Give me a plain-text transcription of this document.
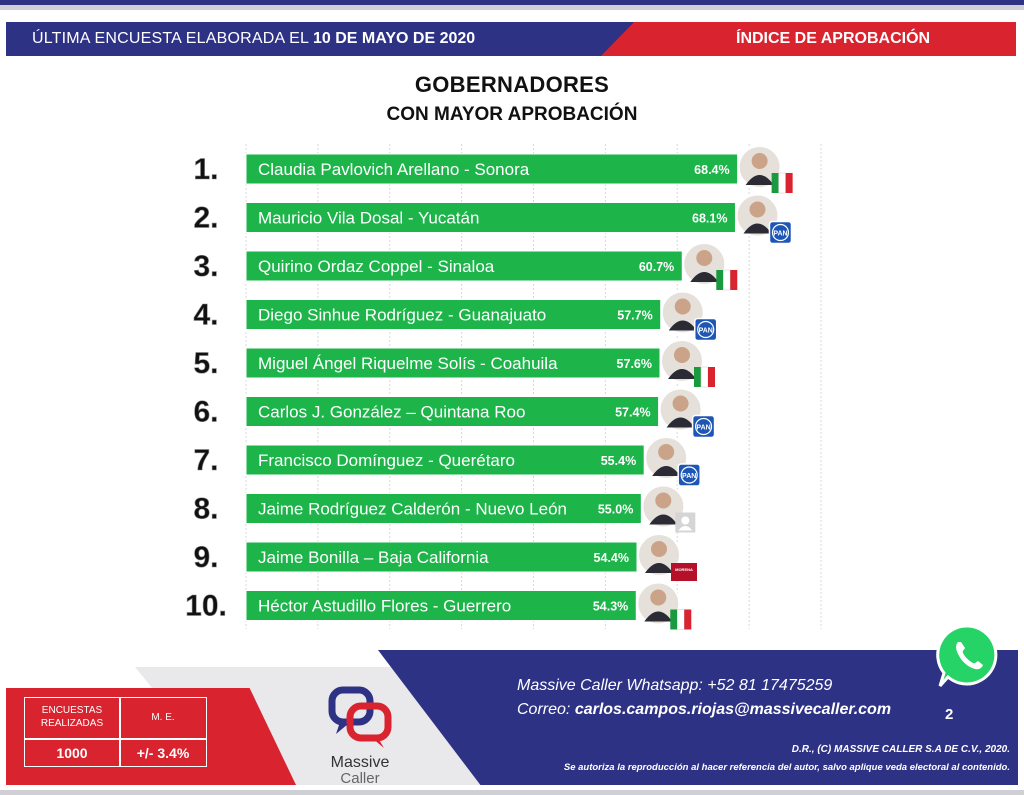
ÚLTIMA ENCUESTA ELABORADA EL 10 DE MAYO DE 2020	ÍNDICE DE APROBACIÓN
GOBERNADORES
CON MAYOR APROBACIÓN
1. Claudia Pavlovich Arellano - Sonora	68.4%
2. Mauricio Vila Dosal - Yucatán	68.1%
PAN
3. Quirino Ordaz Coppel - Sinaloa	60.7%
4. Diego Sinhue Rodríguez - Guanajuato	57.7%
PAN
5. Miguel Ángel Riquelme Solís - Coahuila	57.6%
6. Carlos J. González – Quintana Roo	57.4%
PAN
7. Francisco Domínguez - Querétaro	55.4%
PAN
8. Jaime Rodríguez Calderón - Nuevo León 55.0%
9. Jaime Bonilla – Baja California	54.4%
MORENA
10. Héctor Astudillo Flores - Guerrero	54.3%
ENCUESTAS REALIZADAS
M. E.
1000	+/- 3.4%
Massive
Caller
Massive Caller Whatsapp: +52 81 17475259
Correo: carlos.campos.riojas@massivecaller.com	2
D.R., (C) MASSIVE CALLER S.A DE C.V., 2020.
Se autoriza la reproducción al hacer referencia del autor, salvo aplique veda electoral al contenido.
